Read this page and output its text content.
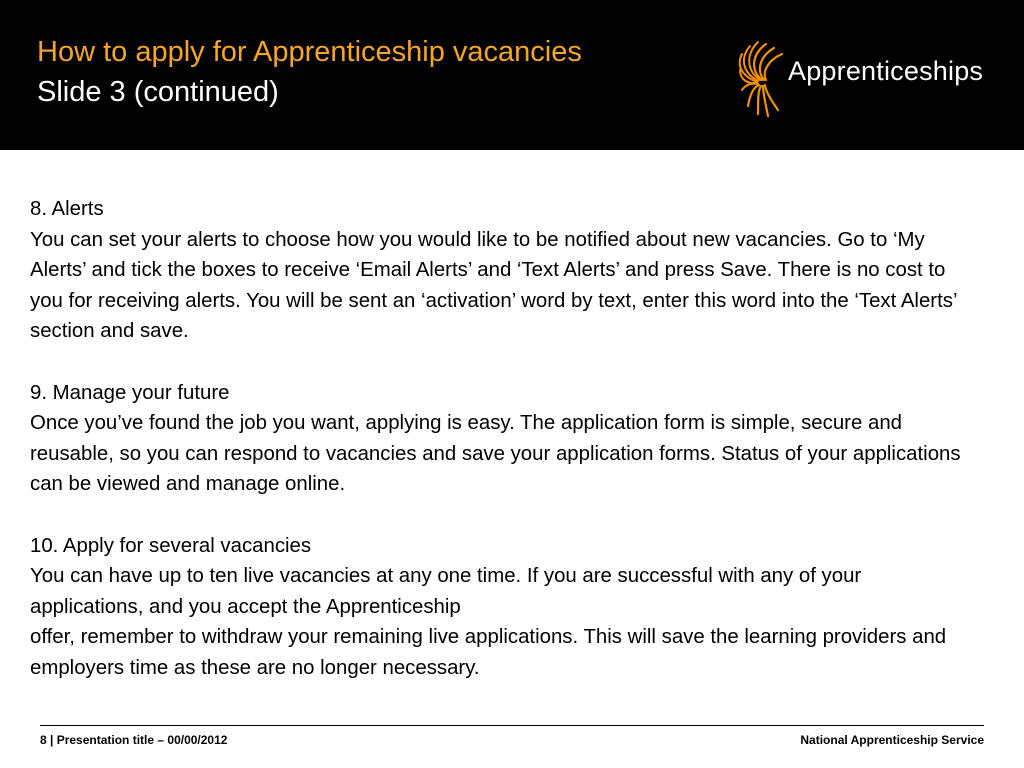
How to apply for Apprenticeship vacancies
Slide 3 (continued)
Apprenticeships

8. Alerts

You can set your alerts to choose how you would like to be notified about new vacancies. Go to ‘My Alerts’ and tick the boxes to receive ‘Email Alerts’ and ‘Text Alerts’ and press Save. There is no cost to you for receiving alerts. You will be sent an ‘activation’ word by text, enter this word into the ‘Text Alerts’ section and save.

9. Manage your future

Once you’ve found the job you want, applying is easy. The application form is simple, secure and reusable, so you can respond to vacancies and save your application forms. Status of your applications can be viewed and manage online.

10. Apply for several vacancies

You can have up to ten live vacancies at any one time. If you are successful with any of your applications, and you accept the Apprenticeship

offer, remember to withdraw your remaining live applications. This will save the learning providers and employers time as these are no longer necessary.

8 | Presentation title – 00/00/2012	National Apprenticeship Service
